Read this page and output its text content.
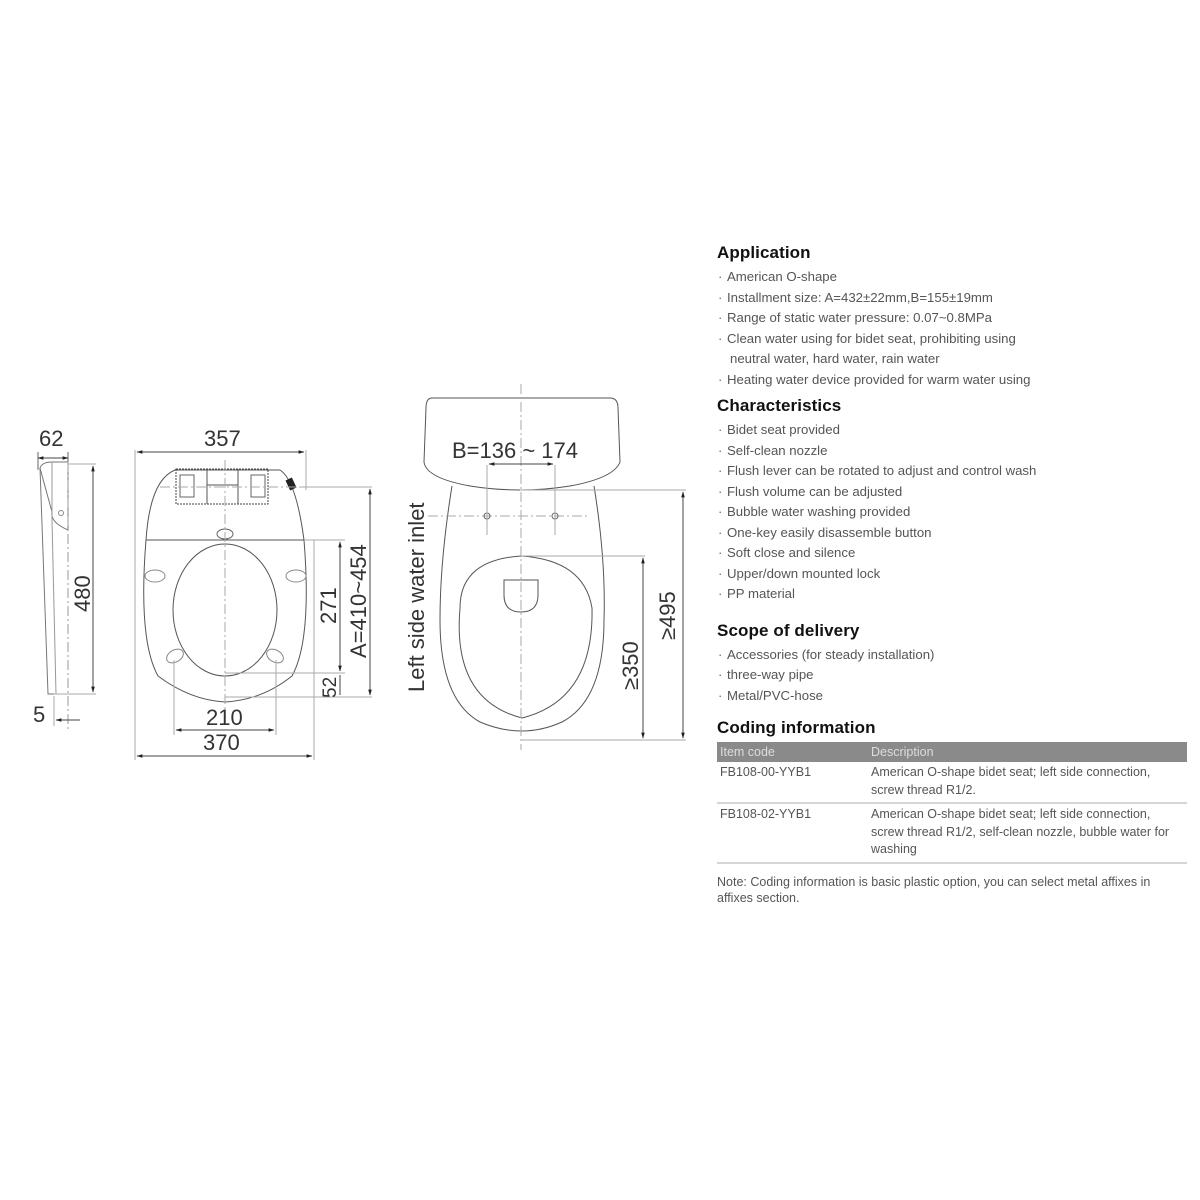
62
480
5
357
210
370
271
52
A=410~454
B=136 ~ 174
Left side water inlet	≥350
≥495
Application
· American O-shape
· Installment size: A=432±22mm,B=155±19mm
· Range of static water pressure: 0.07~0.8MPa
· Clean water using for bidet seat, prohibiting using
neutral water, hard water, rain water
· Heating water device provided for warm water using
Characteristics
· Bidet seat provided
· Self-clean nozzle
· Flush lever can be rotated to adjust and control wash
· Flush volume can be adjusted
· Bubble water washing provided
· One-key easily disassemble button
· Soft close and silence
· Upper/down mounted lock
· PP material
Scope of delivery
· Accessories (for steady installation)
· three-way pipe
· Metal/PVC-hose
Coding information
Item code	Description
FB108-00-YYB1	American O-shape bidet seat; left side connection, screw thread R1/2.
FB108-02-YYB1	American O-shape bidet seat; left side connection, screw thread R1/2, self-clean nozzle, bubble water for washing
Note: Coding information is basic plastic option, you can select metal affixes in affixes section.
